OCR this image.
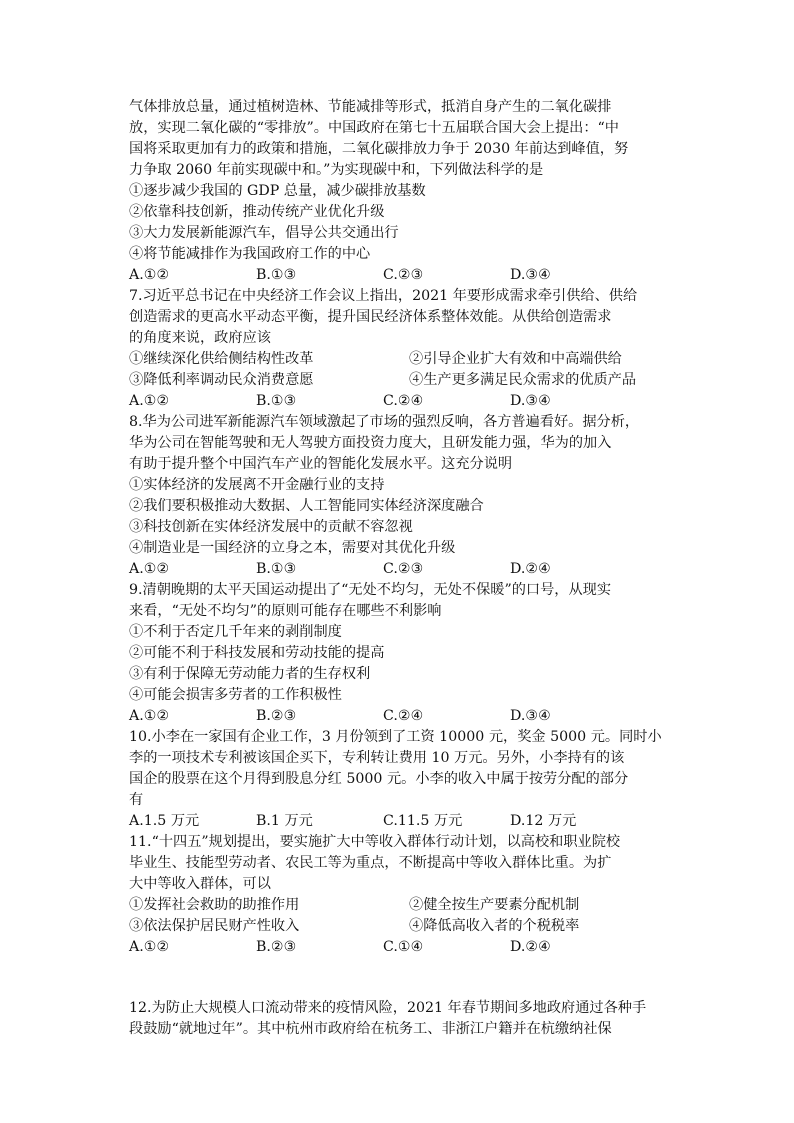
气体排放总量，通过植树造林、节能减排等形式，抵消自身产生的二氧化碳排

放，实现二氧化碳的“零排放”。中国政府在第七十五届联合国大会上提出：“中

国将采取更加有力的政策和措施，二氧化碳排放力争于 2030 年前达到峰值，努

力争取 2060 年前实现碳中和。”为实现碳中和，下列做法科学的是

①逐步减少我国的 GDP 总量，减少碳排放基数

②依靠科技创新，推动传统产业优化升级

③大力发展新能源汽车，倡导公共交通出行

④将节能减排作为我国政府工作的中心

A.①②	B.①③	C.②③	D.③④

7.习近平总书记在中央经济工作会议上指出，2021 年要形成需求牵引供给、供给

创造需求的更高水平动态平衡，提升国民经济体系整体效能。从供给创造需求

的角度来说，政府应该

①继续深化供给侧结构性改革	②引导企业扩大有效和中高端供给
③降低利率调动民众消费意愿	④生产更多满足民众需求的优质产品
A.①②	B.①③	C.②④	D.③④

8.华为公司进军新能源汽车领域激起了市场的强烈反响，各方普遍看好。据分析，

华为公司在智能驾驶和无人驾驶方面投资力度大，且研发能力强，华为的加入

有助于提升整个中国汽车产业的智能化发展水平。这充分说明

①实体经济的发展离不开金融行业的支持

②我们要积极推动大数据、人工智能同实体经济深度融合

③科技创新在实体经济发展中的贡献不容忽视

④制造业是一国经济的立身之本，需要对其优化升级

A.①②	B.①③	C.②③	D.②④

9.清朝晚期的太平天国运动提出了“无处不均匀，无处不保暖”的口号，从现实

来看，“无处不均匀”的原则可能存在哪些不利影响

①不利于否定几千年来的剥削制度

②可能不利于科技发展和劳动技能的提高

③有利于保障无劳动能力者的生存权利

④可能会损害多劳者的工作积极性

A.①②	B.②③	C.②④	D.③④

10.小李在一家国有企业工作，3 月份领到了工资 10000 元，奖金 5000 元。同时小

李的一项技术专利被该国企买下，专利转让费用 10 万元。另外，小李持有的该

国企的股票在这个月得到股息分红 5000 元。小李的收入中属于按劳分配的部分

有

A.1.5 万元	B.1 万元	C.11.5 万元	D.12 万元

11.“十四五”规划提出，要实施扩大中等收入群体行动计划，以高校和职业院校

毕业生、技能型劳动者、农民工等为重点，不断提高中等收入群体比重。为扩

大中等收入群体，可以

①发挥社会救助的助推作用	②健全按生产要素分配机制
③依法保护居民财产性收入	④降低高收入者的个税税率
A.①②	B.②③	C.①④	D.②④

12.为防止大规模人口流动带来的疫情风险，2021 年春节期间多地政府通过各种手

段鼓励“就地过年”。其中杭州市政府给在杭务工、非浙江户籍并在杭缴纳社保
